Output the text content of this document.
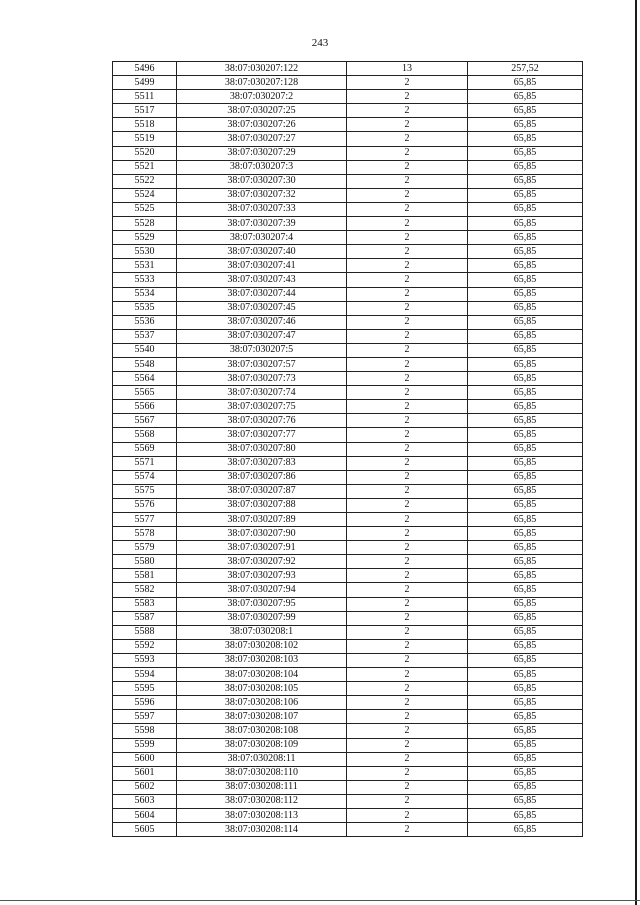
243
5496	38:07:030207:122	13	257,52
5499	38:07:030207:128	2	65,85
5511	38:07:030207:2	2	65,85
5517	38:07:030207:25	2	65,85
5518	38:07:030207:26	2	65,85
5519	38:07:030207:27	2	65,85
5520	38:07:030207:29	2	65,85
5521	38:07:030207:3	2	65,85
5522	38:07:030207:30	2	65,85
5524	38:07:030207:32	2	65,85
5525	38:07:030207:33	2	65,85
5528	38:07:030207:39	2	65,85
5529	38:07:030207:4	2	65,85
5530	38:07:030207:40	2	65,85
5531	38:07:030207:41	2	65,85
5533	38:07:030207:43	2	65,85
5534	38:07:030207:44	2	65,85
5535	38:07:030207:45	2	65,85
5536	38:07:030207:46	2	65,85
5537	38:07:030207:47	2	65,85
5540	38:07:030207:5	2	65,85
5548	38:07:030207:57	2	65,85
5564	38:07:030207:73	2	65,85
5565	38:07:030207:74	2	65,85
5566	38:07:030207:75	2	65,85
5567	38:07:030207:76	2	65,85
5568	38:07:030207:77	2	65,85
5569	38:07:030207:80	2	65,85
5571	38:07:030207:83	2	65,85
5574	38:07:030207:86	2	65,85
5575	38:07:030207:87	2	65,85
5576	38:07:030207:88	2	65,85
5577	38:07:030207:89	2	65,85
5578	38:07:030207:90	2	65,85
5579	38:07:030207:91	2	65,85
5580	38:07:030207:92	2	65,85
5581	38:07:030207:93	2	65,85
5582	38:07:030207:94	2	65,85
5583	38:07:030207:95	2	65,85
5587	38:07:030207:99	2	65,85
5588	38:07:030208:1	2	65,85
5592	38:07:030208:102	2	65,85
5593	38:07:030208:103	2	65,85
5594	38:07:030208:104	2	65,85
5595	38:07:030208:105	2	65,85
5596	38:07:030208:106	2	65,85
5597	38:07:030208:107	2	65,85
5598	38:07:030208:108	2	65,85
5599	38:07:030208:109	2	65,85
5600	38:07:030208:11	2	65,85
5601	38:07:030208:110	2	65,85
5602	38:07:030208:111	2	65,85
5603	38:07:030208:112	2	65,85
5604	38:07:030208:113	2	65,85
5605	38:07:030208:114	2	65,85
